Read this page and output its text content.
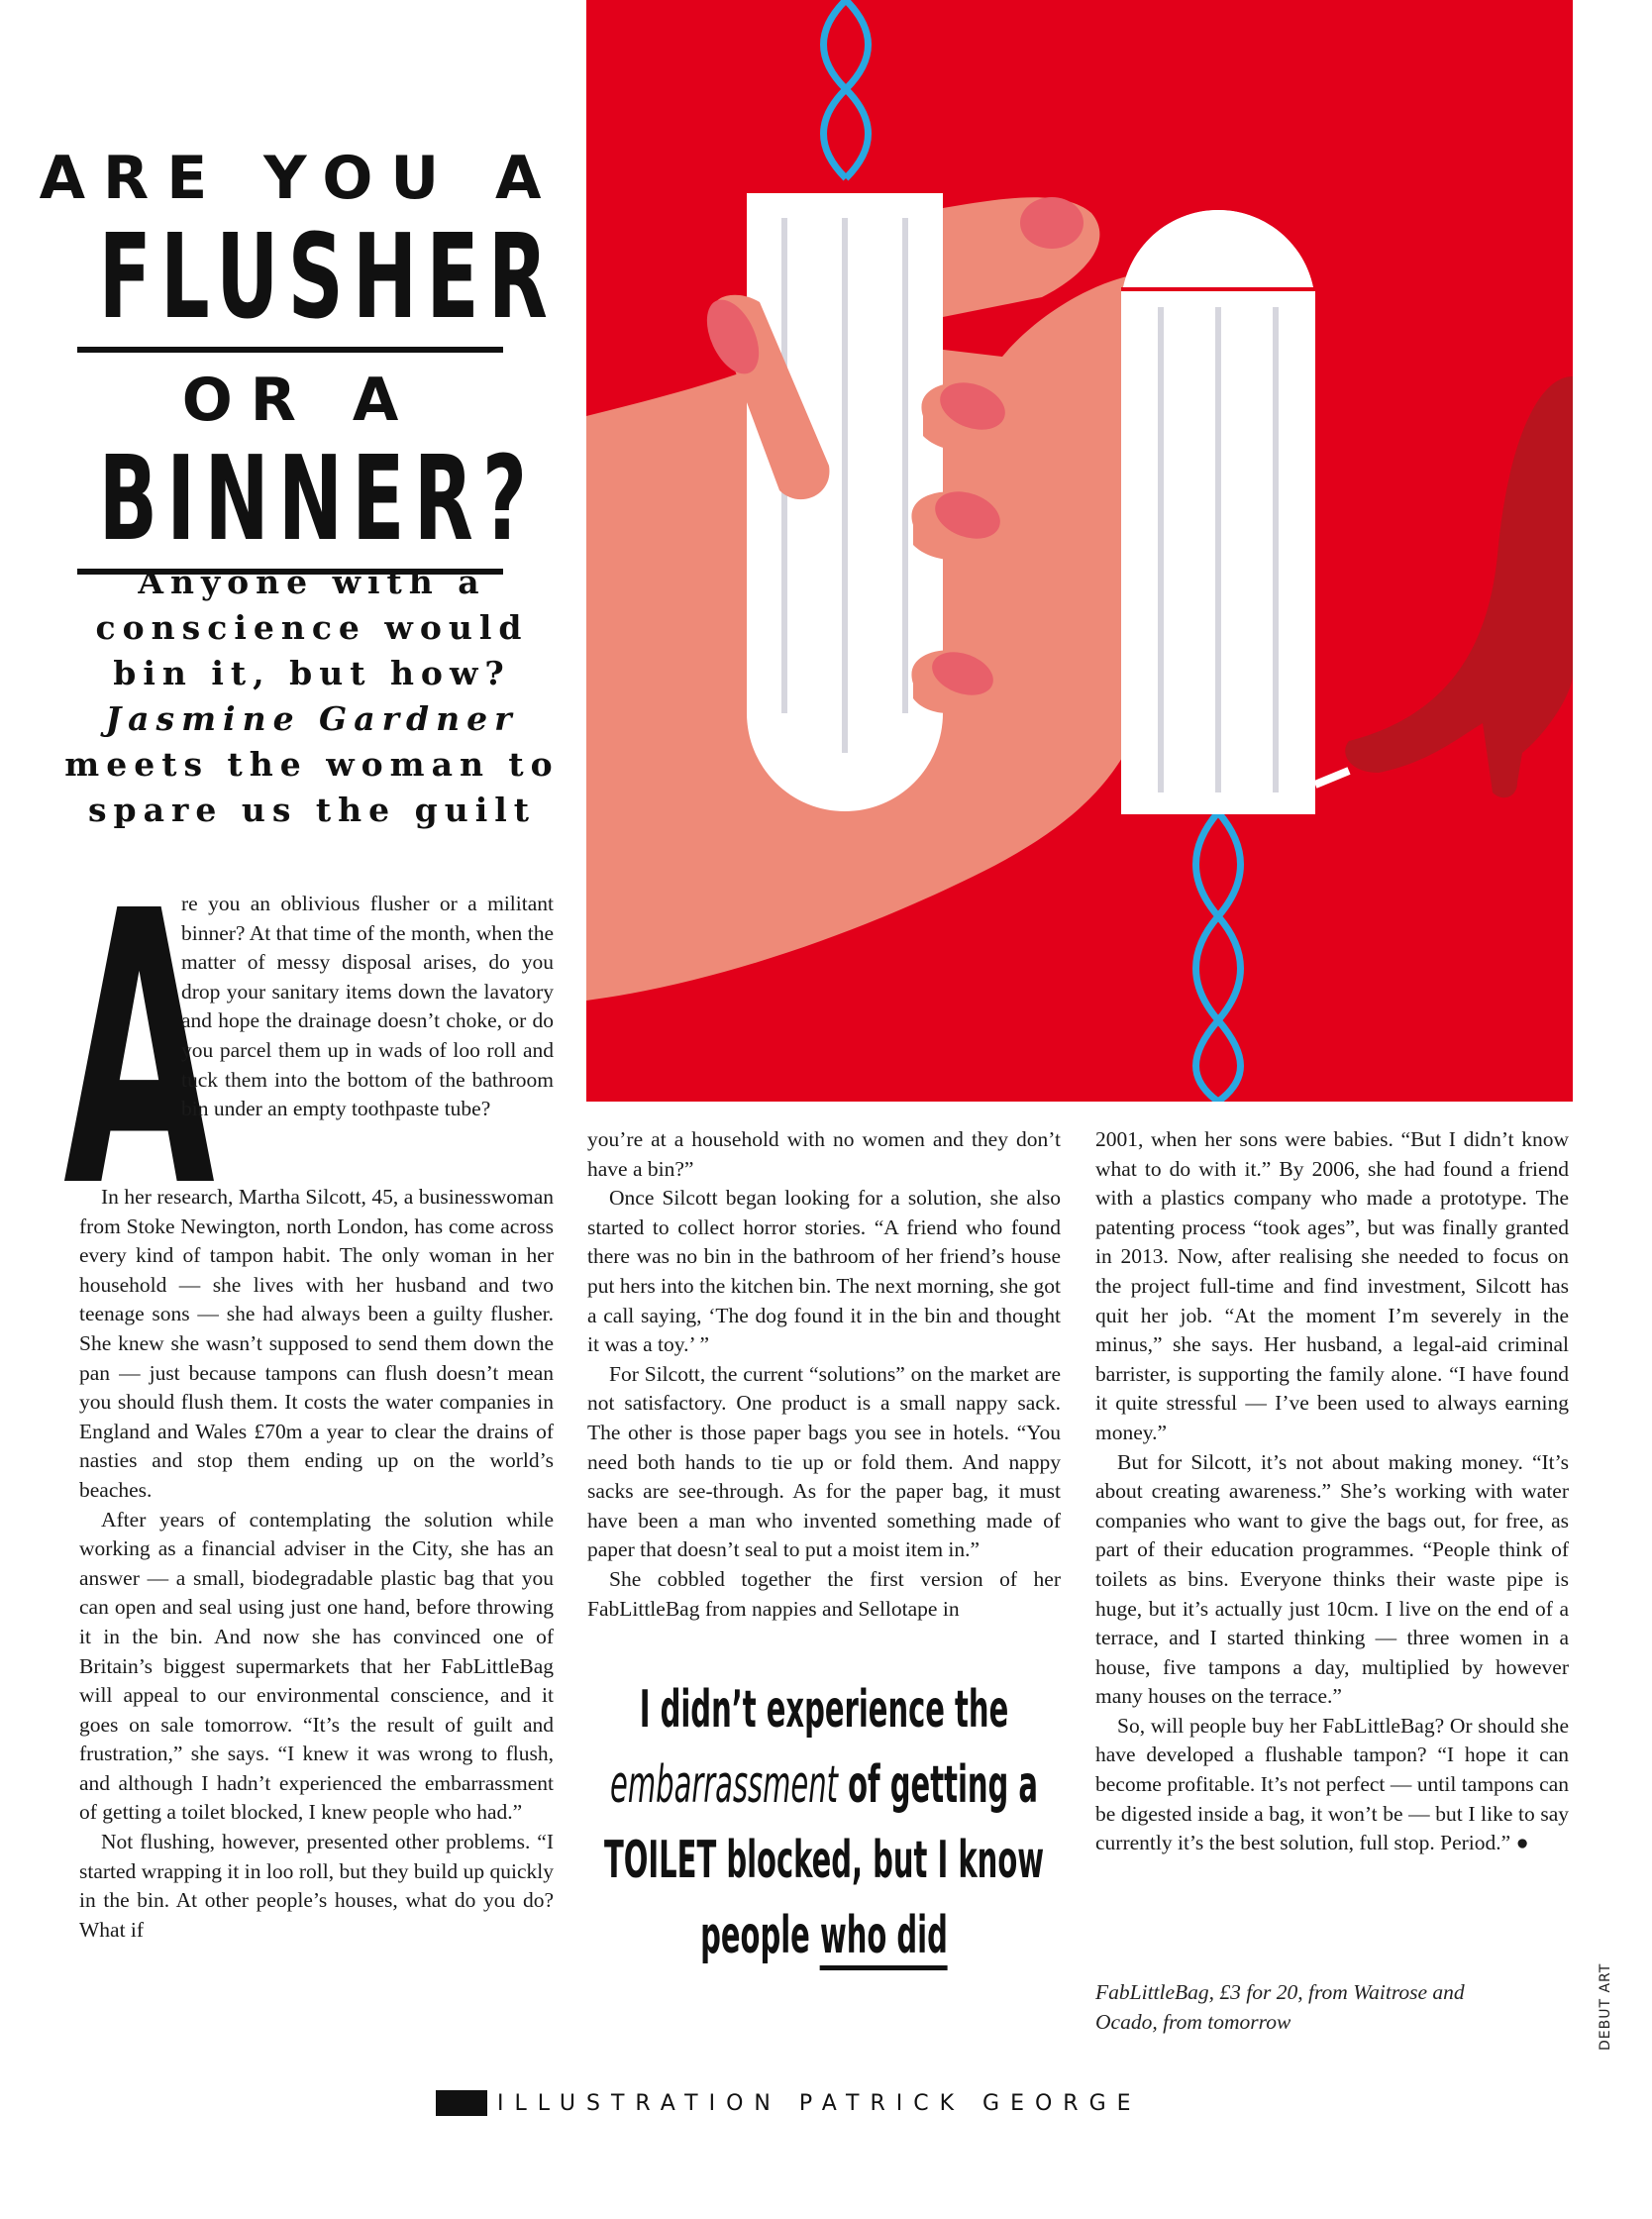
ARE YOU A
FLUSHER
OR A
BINNER?
Anyone with a
conscience would
bin it, but how?
Jasmine Gardner
meets the woman to
spare us the guilt
A

re you an oblivious flusher or a militant binner? At that time of the month, when the matter of messy disposal arises, do you drop your sanitary items down the lavatory and hope the drainage doesn’t choke, or do you parcel them up in wads of loo roll and tuck them into the bottom of the bathroom bin under an empty toothpaste tube?

In her research, Martha Silcott, 45, a businesswoman from Stoke Newington, north London, has come across every kind of tampon habit. The only woman in her household — she lives with her husband and two teenage sons — she had always been a guilty flusher. She knew she wasn’t supposed to send them down the pan — just because tampons can flush doesn’t mean you should flush them. It costs the water companies in England and Wales £70m a year to clear the drains of nasties and stop them ending up on the world’s beaches.

After years of contemplating the solution while working as a financial adviser in the City, she has an answer — a small, biodegradable plastic bag that you can open and seal using just one hand, before throwing it in the bin. And now she has convinced one of Britain’s biggest supermarkets that her FabLittleBag will appeal to our environmental conscience, and it goes on sale tomorrow. “It’s the result of guilt and frustration,” she says. “I knew it was wrong to flush, and although I hadn’t experienced the embarrassment of getting a toilet blocked, I knew people who had.”

Not flushing, however, presented other problems. “I started wrapping it in loo roll, but they build up quickly in the bin. At other people’s houses, what do you do? What if

you’re at a household with no women and they don’t have a bin?”

Once Silcott began looking for a solution, she also started to collect horror stories. “A friend who found there was no bin in the bathroom of her friend’s house put hers into the kitchen bin. The next morning, she got a call saying, ‘The dog found it in the bin and thought it was a toy.’ ”

For Silcott, the current “solutions” on the market are not satisfactory. One product is a small nappy sack. The other is those paper bags you see in hotels. “You need both hands to tie up or fold them. And nappy sacks are see-through. As for the paper bag, it must have been a man who invented something made of paper that doesn’t seal to put a moist item in.”

She cobbled together the first version of her FabLittleBag from nappies and Sellotape in

I didn’t experience the embarrassment of getting a TOILET blocked, but I know people who did

2001, when her sons were babies. “But I didn’t know what to do with it.” By 2006, she had found a friend with a plastics company who made a prototype. The patenting process “took ages”, but was finally granted in 2013. Now, after realising she needed to focus on the project full-time and find investment, Silcott has quit her job. “At the moment I’m severely in the minus,” she says. Her husband, a legal-aid criminal barrister, is supporting the family alone. “I have found it quite stressful — I’ve been used to always earning money.”

But for Silcott, it’s not about making money. “It’s about creating awareness.” She’s working with water companies who want to give the bags out, for free, as part of their education programmes. “People think of toilets as bins. Everyone thinks their waste pipe is huge, but it’s actually just 10cm. I live on the end of a terrace, and I started thinking — three women in a house, five tampons a day, multiplied by however many houses on the terrace.”

So, will people buy her FabLittleBag? Or should she have developed a flushable tampon? “I hope it can become profitable. It’s not perfect — until tampons can be digested inside a bag, it won’t be — but I like to say currently it’s the best solution, full stop. Period.” ●

FabLittleBag, £3 for 20, from Waitrose and
Ocado, from tomorrow	DEBUT ART
ILLUSTRATION PATRICK GEORGE
